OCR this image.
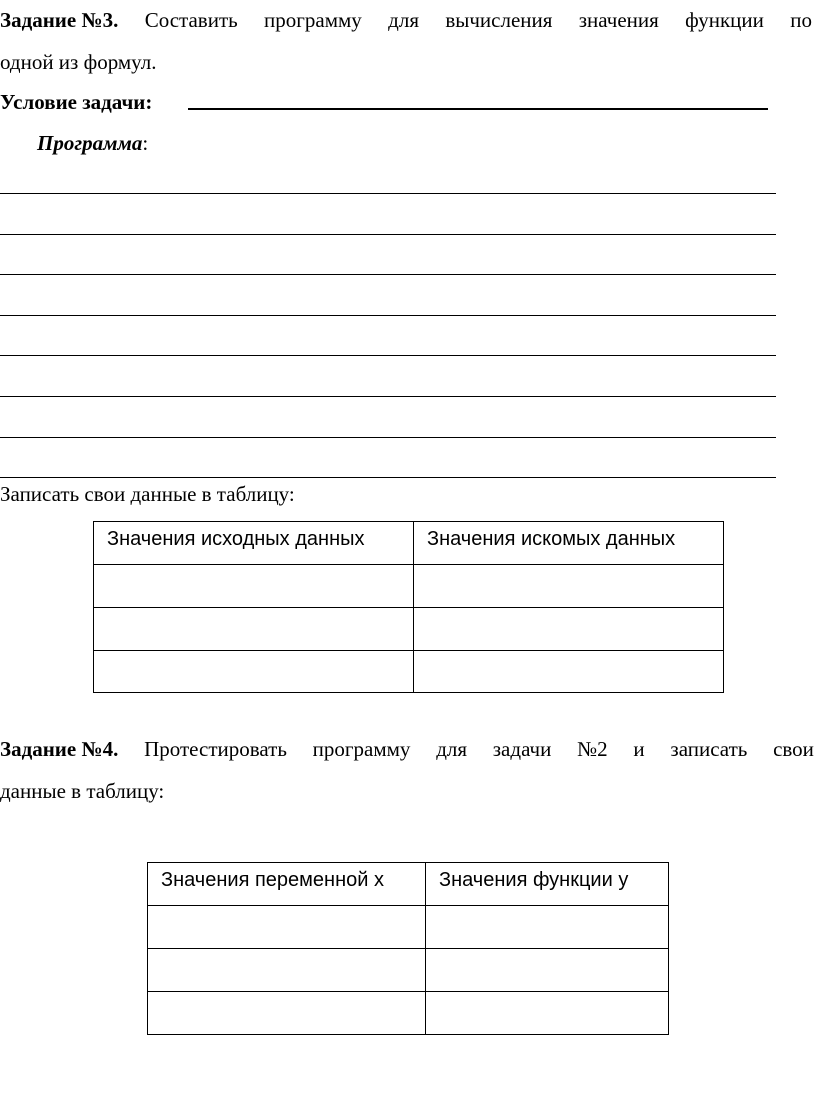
Задание №3. Составить программу для вычисления значения функции по
одной из формул.
Условие задачи:
Программа:
Записать свои данные в таблицу:
Значения исходных данных	Значения искомых данных

Задание №4. Протестировать программу для задачи №2 и записать свои
данные в таблицу:
Значения переменной x	Значения функции y
